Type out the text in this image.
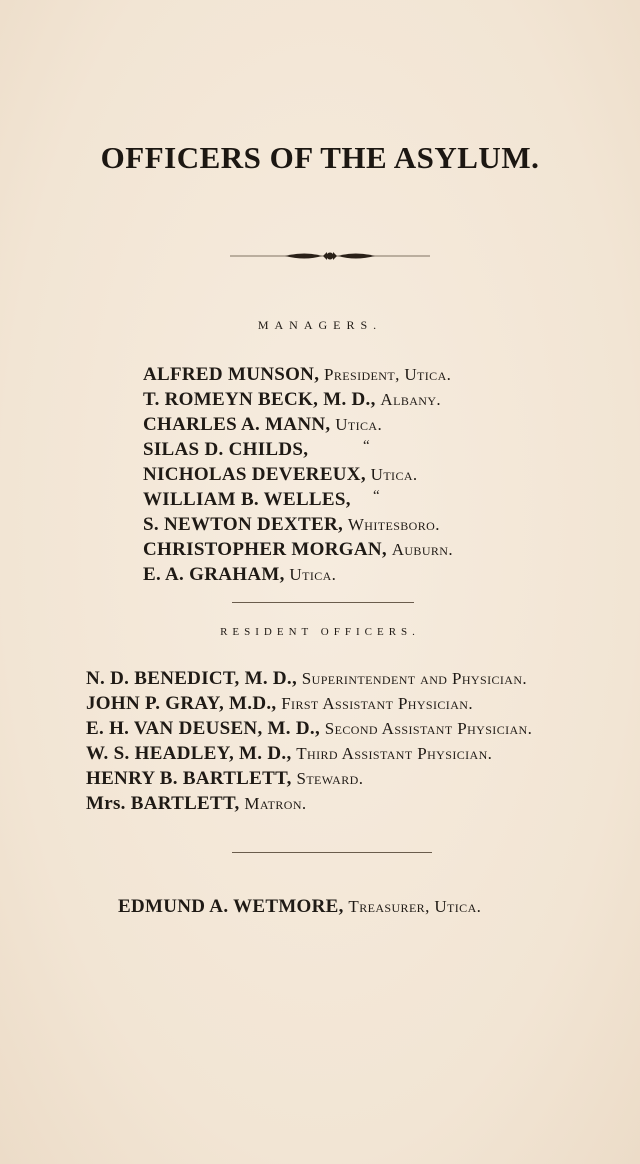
OFFICERS OF THE ASYLUM.
MANAGERS.
ALFRED MUNSON, President, Utica.
T. ROMEYN BECK, M. D., Albany.
CHARLES A. MANN, Utica.
SILAS D. CHILDS,	“
NICHOLAS DEVEREUX, Utica.
WILLIAM B. WELLES, “
S. NEWTON DEXTER, Whitesboro.
CHRISTOPHER MORGAN, Auburn.
E. A. GRAHAM, Utica.
RESIDENT OFFICERS.
N. D. BENEDICT, M. D., Superintendent and Physician.
JOHN P. GRAY, M.D., First Assistant Physician.
E. H. VAN DEUSEN, M. D., Second Assistant Physician.
W. S. HEADLEY, M. D., Third Assistant Physician.
HENRY B. BARTLETT, Steward.
Mrs. BARTLETT, Matron.
EDMUND A. WETMORE, Treasurer, Utica.
